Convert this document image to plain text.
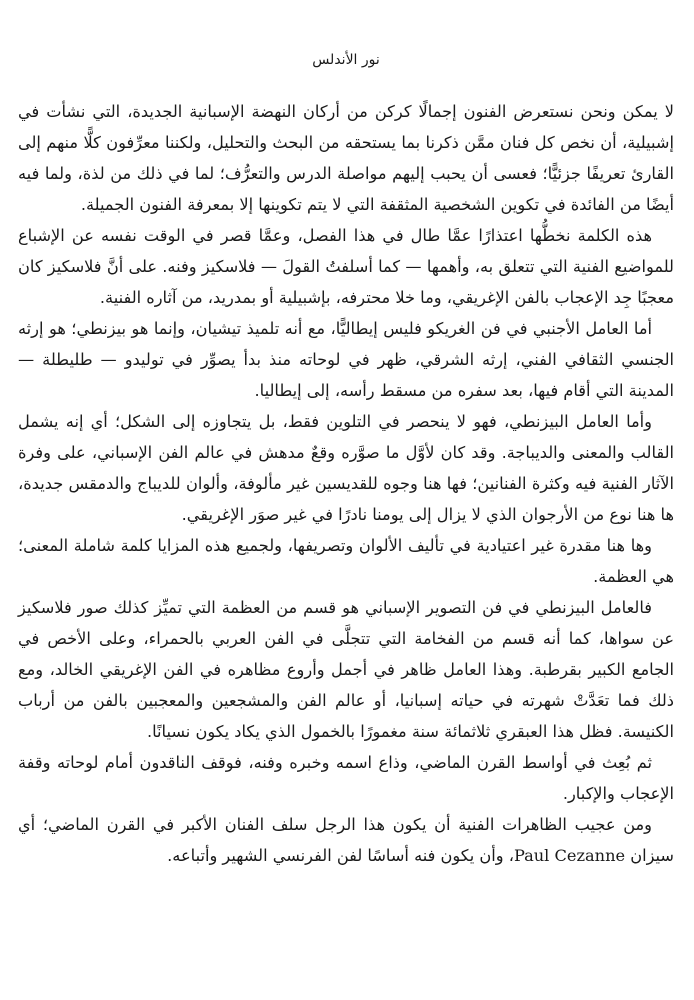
نور الأندلس

لا يمكن ونحن نستعرض الفنون إجمالًا كركن من أركان النهضة الإسبانية الجديدة، التي نشأت في إشبيلية، أن نخص كل فنان ممَّن ذكرنا بما يستحقه من البحث والتحليل، ولكننا معرِّفون كلًّا منهم إلى القارئ تعريفًا جزئيًّا؛ فعسى أن يحبب إليهم مواصلة الدرس والتعرُّف؛ لما في ذلك من لذة، ولما فيه أيضًا من الفائدة في تكوين الشخصية المثقفة التي لا يتم تكوينها إلا بمعرفة الفنون الجميلة.

هذه الكلمة نخطُّها اعتذارًا عمَّا طال في هذا الفصل، وعمَّا قصر في الوقت نفسه عن الإشباع للمواضيع الفنية التي تتعلق به، وأهمها — كما أسلفتُ القولَ — فلاسكيز وفنه. على أنَّ فلاسكيز كان معجبًا جِد الإعجاب بالفن الإغريقي، وما خلا محترفه، بإشبيلية أو بمدريد، من آثاره الفنية.

أما العامل الأجنبي في فن الغريكو فليس إيطاليًّا، مع أنه تلميذ تيشيان، وإنما هو بيزنطي؛ هو إرثه الجنسي الثقافي الفني، إرثه الشرقي، ظهر في لوحاته منذ بدأ يصوِّر في توليدو — طليطلة — المدينة التي أقام فيها، بعد سفره من مسقط رأسه، إلى إيطاليا.

وأما العامل البيزنطي، فهو لا ينحصر في التلوين فقط، بل يتجاوزه إلى الشكل؛ أي إنه يشمل القالب والمعنى والديباجة. وقد كان لأوَّل ما صوَّره وقعٌ مدهش في عالم الفن الإسباني، على وفرة الآثار الفنية فيه وكثرة الفنانين؛ فها هنا وجوه للقديسين غير مألوفة، وألوان للديباج والدمقس جديدة، ها هنا نوع من الأرجوان الذي لا يزال إلى يومنا نادرًا في غير صوَر الإغريقي.

وها هنا مقدرة غير اعتيادية في تأليف الألوان وتصريفها، ولجميع هذه المزايا كلمة شاملة المعنى؛ هي العظمة.

فالعامل البيزنطي في فن التصوير الإسباني هو قسم من العظمة التي تميِّز كذلك صور فلاسكيز عن سواها، كما أنه قسم من الفخامة التي تتجلَّى في الفن العربي بالحمراء، وعلى الأخص في الجامع الكبير بقرطبة. وهذا العامل ظاهر في أجمل وأروع مظاهره في الفن الإغريقي الخالد، ومع ذلك فما تعَدَّتْ شهرته في حياته إسبانيا، أو عالم الفن والمشجعين والمعجبين بالفن من أرباب الكنيسة. فظل هذا العبقري ثلاثمائة سنة مغمورًا بالخمول الذي يكاد يكون نسيانًا.

ثم بُعِث في أواسط القرن الماضي، وذاع اسمه وخبره وفنه، فوقف الناقدون أمام لوحاته وقفة الإعجاب والإكبار.

ومن عجيب الظاهرات الفنية أن يكون هذا الرجل سلف الفنان الأكبر في القرن الماضي؛ أي سيزان Paul Cezanne، وأن يكون فنه أساسًا لفن الفرنسي الشهير وأتباعه.
